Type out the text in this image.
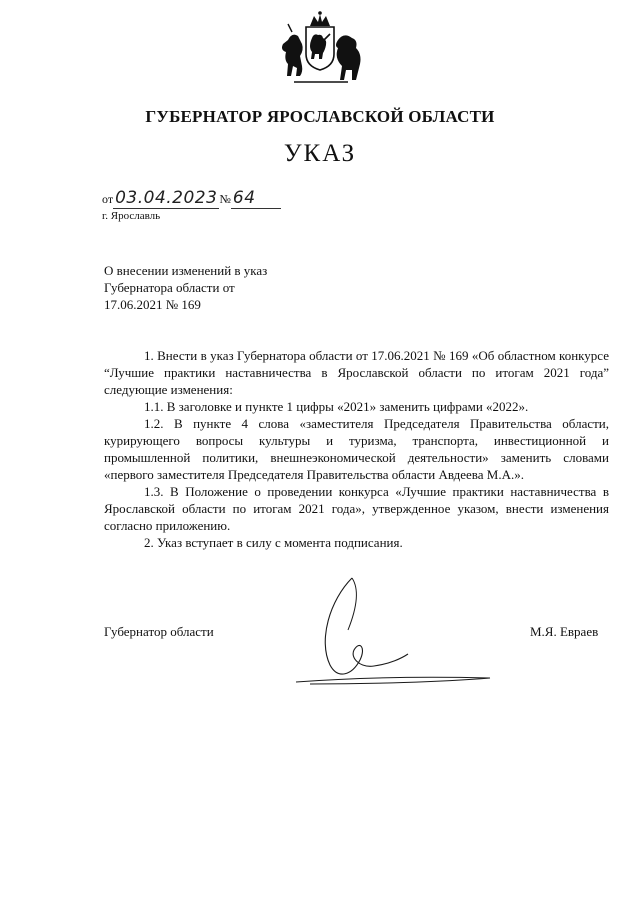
ГУБЕРНАТОР ЯРОСЛАВСКОЙ ОБЛАСТИ
УКАЗ
от 03.04.2023 № 64
г. Ярославль
О внесении изменений в указ
Губернатора области от
17.06.2021 № 169

1. Внести в указ Губернатора области от 17.06.2021 № 169 «Об областном конкурсе “Лучшие практики наставничества в Ярославской области по итогам 2021 года” следующие изменения:

1.1. В заголовке и пункте 1 цифры «2021» заменить цифрами «2022».

1.2. В пункте 4 слова «заместителя Председателя Правительства области, курирующего вопросы культуры и туризма, транспорта, инвестиционной и промышленной политики, внешнеэкономической деятельности» заменить словами «первого заместителя Председателя Правительства области Авдеева М.А.».

1.3. В Положение о проведении конкурса «Лучшие практики наставничества в Ярославской области по итогам 2021 года», утвержденное указом, внести изменения согласно приложению.

2. Указ вступает в силу с момента подписания.

Губернатор области	М.Я. Евраев
